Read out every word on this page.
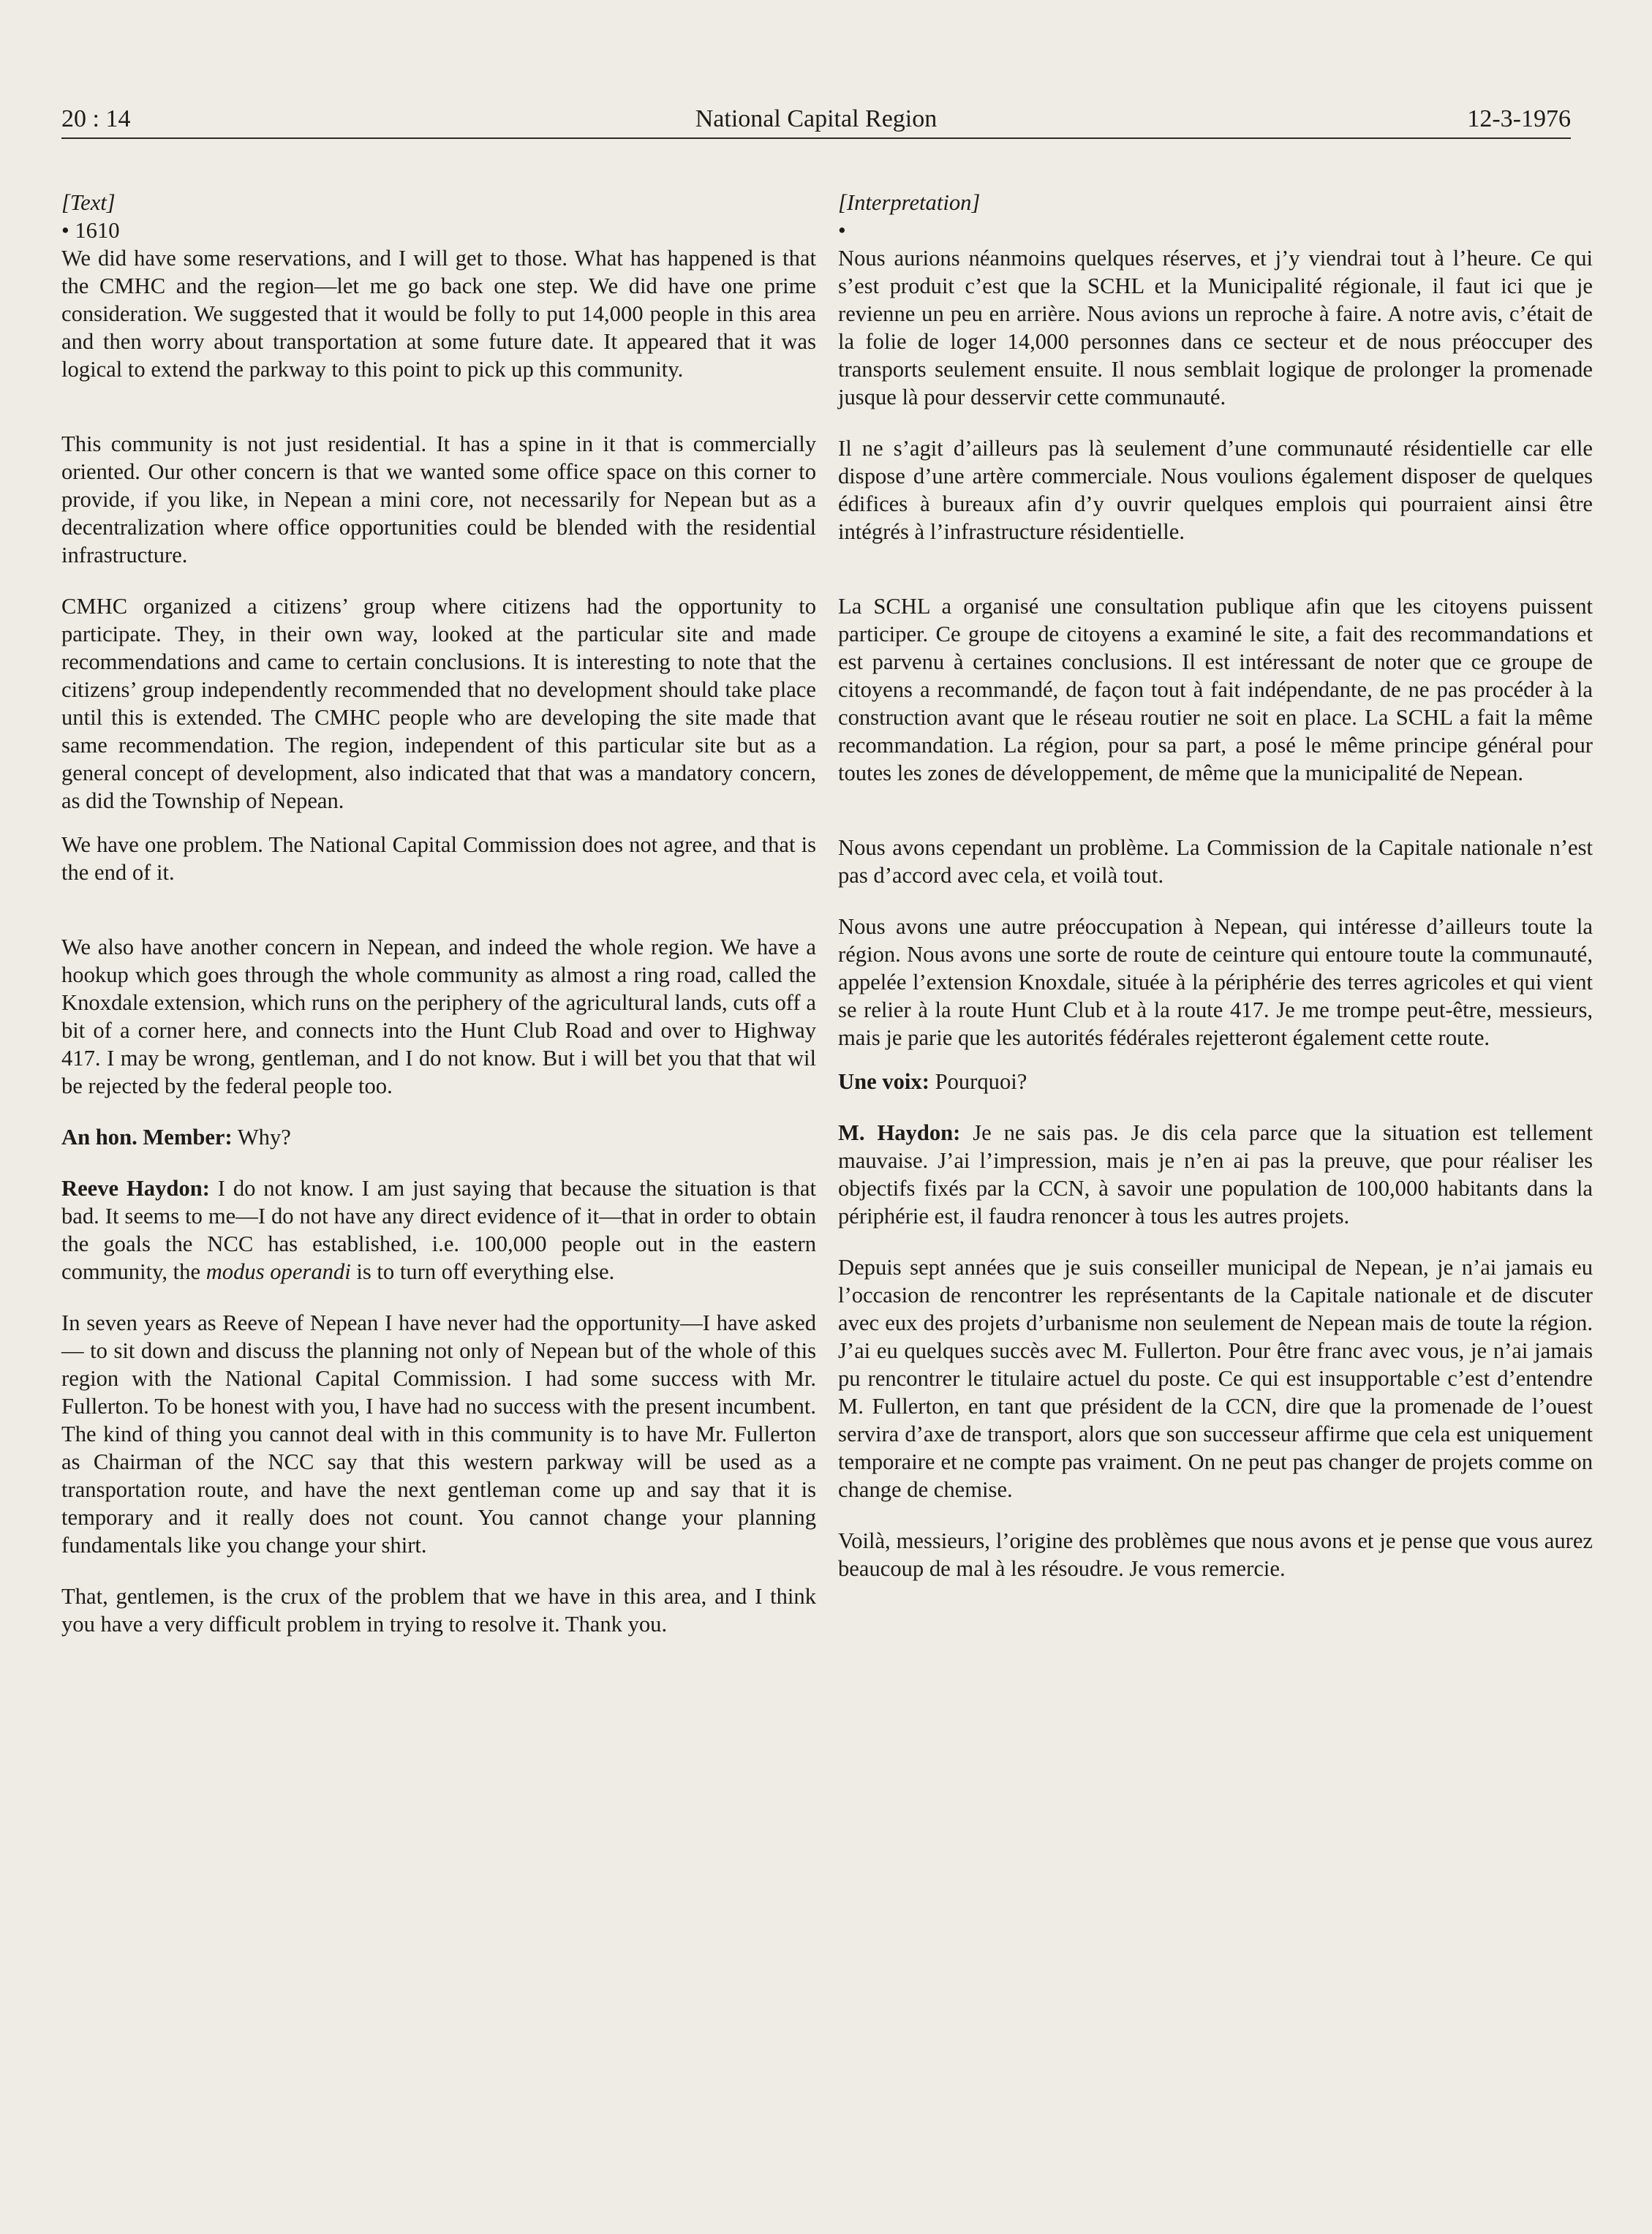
20 : 14	National Capital Region	12-3-1976

[Text]

• 1610

We did have some reservations, and I will get to those. What has happened is that the CMHC and the region—let me go back one step. We did have one prime consideration. We suggested that it would be folly to put 14,000 people in this area and then worry about transportation at some future date. It appeared that it was logical to extend the parkway to this point to pick up this community.

This community is not just residential. It has a spine in it that is commercially oriented. Our other concern is that we wanted some office space on this corner to provide, if you like, in Nepean a mini core, not necessarily for Nepean but as a decentralization where office opportunities could be blended with the residential infrastructure.

CMHC organized a citizens’ group where citizens had the opportunity to participate. They, in their own way, looked at the particular site and made recommendations and came to certain conclusions. It is interesting to note that the citizens’ group independently recommended that no development should take place until this is extended. The CMHC people who are developing the site made that same recommendation. The region, independent of this particular site but as a general concept of development, also indicated that that was a mandatory concern, as did the Township of Nepean.

We have one problem. The National Capital Commission does not agree, and that is the end of it.

We also have another concern in Nepean, and indeed the whole region. We have a hookup which goes through the whole community as almost a ring road, called the Knoxdale extension, which runs on the periphery of the agricultural lands, cuts off a bit of a corner here, and connects into the Hunt Club Road and over to Highway 417. I may be wrong, gentleman, and I do not know. But i will bet you that that wil be rejected by the federal people too.

An hon. Member: Why?

Reeve Haydon: I do not know. I am just saying that because the situation is that bad. It seems to me—I do not have any direct evidence of it—that in order to obtain the goals the NCC has established, i.e. 100,000 people out in the eastern community, the modus operandi is to turn off everything else.

In seven years as Reeve of Nepean I have never had the opportunity—I have asked— to sit down and discuss the planning not only of Nepean but of the whole of this region with the National Capital Commission. I had some success with Mr. Fullerton. To be honest with you, I have had no success with the present incumbent. The kind of thing you cannot deal with in this community is to have Mr. Fullerton as Chairman of the NCC say that this western parkway will be used as a transportation route, and have the next gentleman come up and say that it is temporary and it really does not count. You cannot change your planning fundamentals like you change your shirt.

That, gentlemen, is the crux of the problem that we have in this area, and I think you have a very difficult problem in trying to resolve it. Thank you.

[Interpretation]

•

Nous aurions néanmoins quelques réserves, et j’y viendrai tout à l’heure. Ce qui s’est produit c’est que la SCHL et la Municipalité régionale, il faut ici que je revienne un peu en arrière. Nous avions un reproche à faire. A notre avis, c’était de la folie de loger 14,000 personnes dans ce secteur et de nous préoccuper des transports seulement ensuite. Il nous semblait logique de prolonger la promenade jusque là pour desservir cette communauté.

Il ne s’agit d’ailleurs pas là seulement d’une communauté résidentielle car elle dispose d’une artère commerciale. Nous voulions également disposer de quelques édifices à bureaux afin d’y ouvrir quelques emplois qui pourraient ainsi être intégrés à l’infrastructure résidentielle.

La SCHL a organisé une consultation publique afin que les citoyens puissent participer. Ce groupe de citoyens a examiné le site, a fait des recommandations et est parvenu à certaines conclusions. Il est intéressant de noter que ce groupe de citoyens a recommandé, de façon tout à fait indépendante, de ne pas procéder à la construction avant que le réseau routier ne soit en place. La SCHL a fait la même recommandation. La région, pour sa part, a posé le même principe général pour toutes les zones de développement, de même que la municipalité de Nepean.

Nous avons cependant un problème. La Commission de la Capitale nationale n’est pas d’accord avec cela, et voilà tout.

Nous avons une autre préoccupation à Nepean, qui intéresse d’ailleurs toute la région. Nous avons une sorte de route de ceinture qui entoure toute la communauté, appelée l’extension Knoxdale, située à la périphérie des terres agricoles et qui vient se relier à la route Hunt Club et à la route 417. Je me trompe peut-être, messieurs, mais je parie que les autorités fédérales rejetteront également cette route.

Une voix: Pourquoi?

M. Haydon: Je ne sais pas. Je dis cela parce que la situation est tellement mauvaise. J’ai l’impression, mais je n’en ai pas la preuve, que pour réaliser les objectifs fixés par la CCN, à savoir une population de 100,000 habitants dans la périphérie est, il faudra renoncer à tous les autres projets.

Depuis sept années que je suis conseiller municipal de Nepean, je n’ai jamais eu l’occasion de rencontrer les représentants de la Capitale nationale et de discuter avec eux des projets d’urbanisme non seulement de Nepean mais de toute la région. J’ai eu quelques succès avec M. Fullerton. Pour être franc avec vous, je n’ai jamais pu rencontrer le titulaire actuel du poste. Ce qui est insupportable c’est d’entendre M. Fullerton, en tant que président de la CCN, dire que la promenade de l’ouest servira d’axe de transport, alors que son successeur affirme que cela est uniquement temporaire et ne compte pas vraiment. On ne peut pas changer de projets comme on change de chemise.

Voilà, messieurs, l’origine des problèmes que nous avons et je pense que vous aurez beaucoup de mal à les résoudre. Je vous remercie.
